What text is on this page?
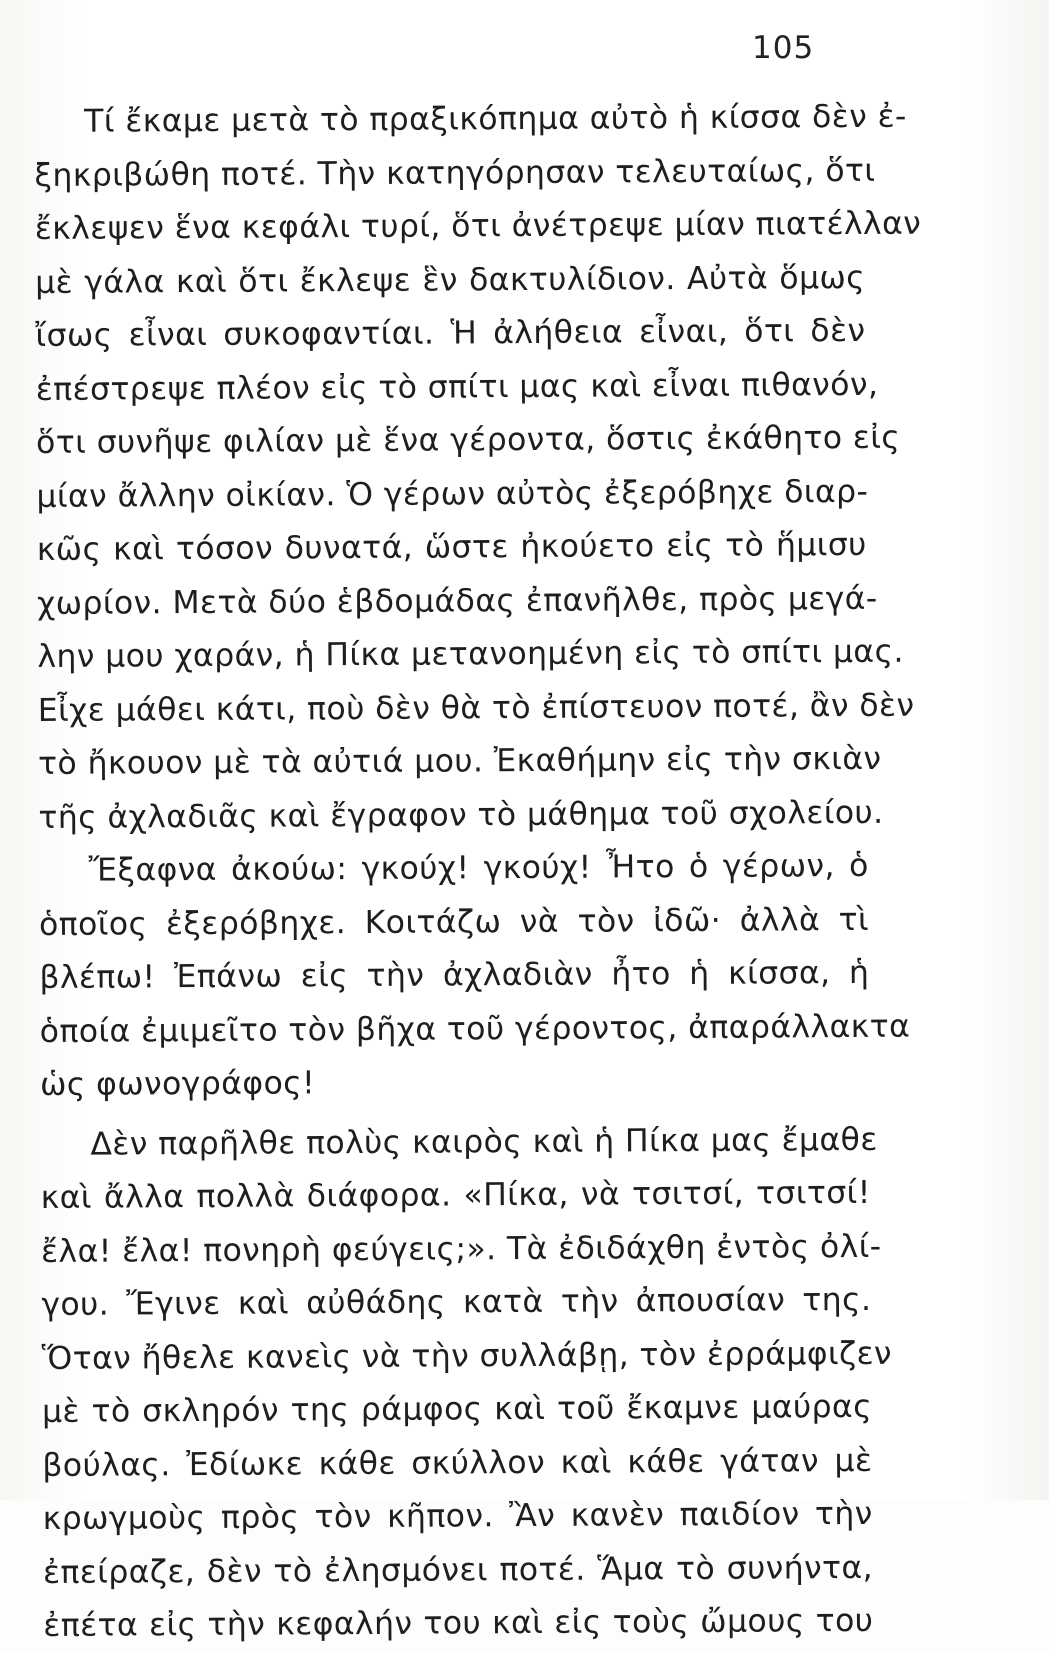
105
Τί ἔκαμε μετὰ τὸ πραξικόπημα αὐτὸ ἡ κίσσα δὲν ἐ-
ξηκριβώθη ποτέ. Τὴν κατηγόρησαν τελευταίως, ὅτι
ἔκλεψεν ἕνα κεφάλι τυρί, ὅτι ἀνέτρεψε μίαν πιατέλλαν
μὲ γάλα καὶ ὅτι ἔκλεψε ἓν δακτυλίδιον. Αὐτὰ ὅμως
ἴσως εἶναι συκοφαντίαι. Ἡ ἀλήθεια εἶναι, ὅτι δὲν
ἐπέστρεψε πλέον εἰς τὸ σπίτι μας καὶ εἶναι πιθανόν,
ὅτι συνῆψε φιλίαν μὲ ἕνα γέροντα, ὅστις ἐκάθητο εἰς
μίαν ἄλλην οἰκίαν. Ὁ γέρων αὐτὸς ἐξερόβηχε διαρ-
κῶς καὶ τόσον δυνατά, ὥστε ἠκούετο εἰς τὸ ἥμισυ
χωρίον. Μετὰ δύο ἑβδομάδας ἐπανῆλθε, πρὸς μεγά-
λην μου χαράν, ἡ Πίκα μετανοημένη εἰς τὸ σπίτι μας.
Εἶχε μάθει κάτι, ποὺ δὲν θὰ τὸ ἐπίστευον ποτέ, ἂν δὲν
τὸ ἤκουον μὲ τὰ αὐτιά μου. Ἐκαθήμην εἰς τὴν σκιὰν
τῆς ἀχλαδιᾶς καὶ ἔγραφον τὸ μάθημα τοῦ σχολείου.
Ἔξαφνα ἀκούω: γκούχ! γκούχ! Ἦτο ὁ γέρων, ὁ
ὁποῖος ἐξερόβηχε. Κοιτάζω νὰ τὸν ἰδῶ· ἀλλὰ τὶ
βλέπω! Ἐπάνω εἰς τὴν ἀχλαδιὰν ἦτο ἡ κίσσα, ἡ
ὁποία ἐμιμεῖτο τὸν βῆχα τοῦ γέροντος, ἀπαράλλακτα
ὡς φωνογράφος!
Δὲν παρῆλθε πολὺς καιρὸς καὶ ἡ Πίκα μας ἔμαθε
καὶ ἄλλα πολλὰ διάφορα. «Πίκα, νὰ τσιτσί, τσιτσί!
ἔλα! ἔλα! πονηρὴ φεύγεις;». Τὰ ἐδιδάχθη ἐντὸς ὀλί-
γου. Ἔγινε καὶ αὐθάδης κατὰ τὴν ἀπουσίαν της.
Ὅταν ἤθελε κανεὶς νὰ τὴν συλλάβῃ, τὸν ἐρράμφιζεν
μὲ τὸ σκληρόν της ράμφος καὶ τοῦ ἔκαμνε μαύρας
βούλας. Ἐδίωκε κάθε σκύλλον καὶ κάθε γάταν μὲ
κρωγμοὺς πρὸς τὸν κῆπον. Ἂν κανὲν παιδίον τὴν
ἐπείραζε, δὲν τὸ ἐλησμόνει ποτέ. Ἅμα τὸ συνήντα,
ἐπέτα εἰς τὴν κεφαλήν του καὶ εἰς τοὺς ὤμους του
